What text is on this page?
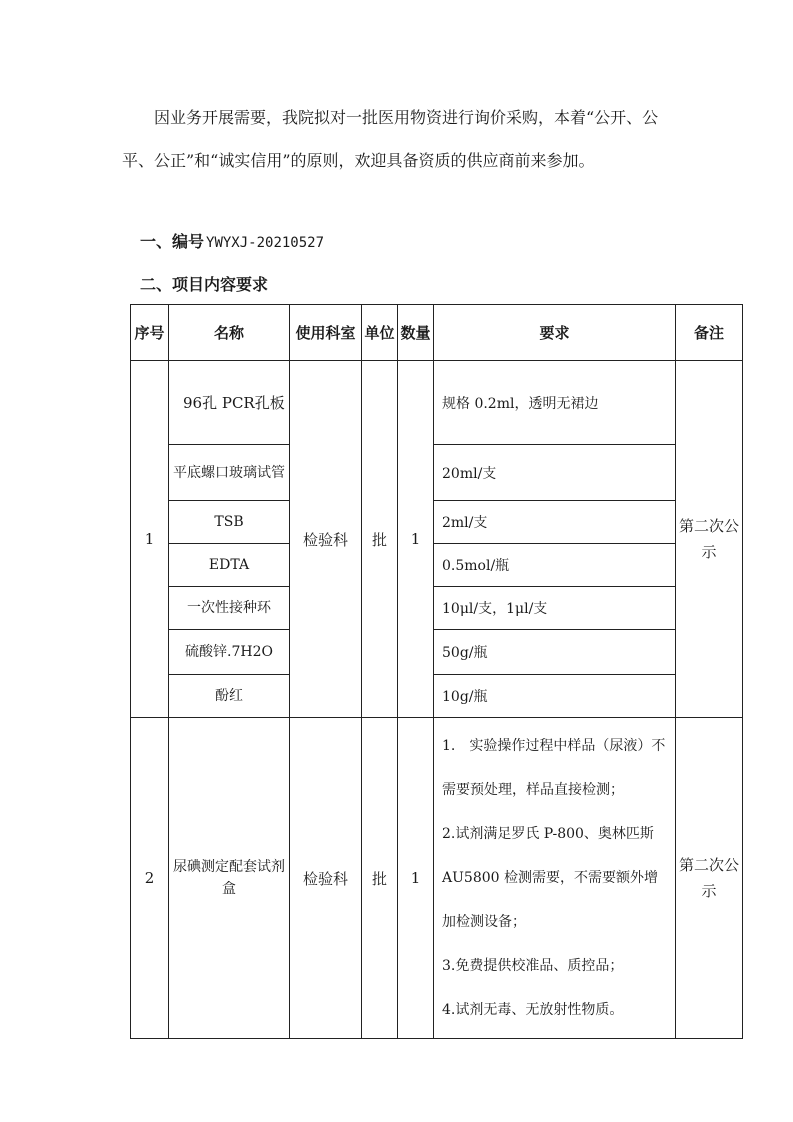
因业务开展需要，我院拟对一批医用物资进行询价采购，本着“公开、公平、公正”和“诚实信用”的原则，欢迎具备资质的供应商前来参加。
一、编号 YWYXJ-20210527
二、项目内容要求
序号	名称	使用科室	单位	数量	要求	备注
1	96孔 PCR孔板	检验科	批	1	规格 0.2ml，透明无裙边	第二次公示
	平底螺口玻璃试管				20ml/支	
	TSB				2ml/支	
	EDTA				0.5mol/瓶	
	一次性接种环				10μl/支，1μl/支	
	硫酸锌.7H2O				50g/瓶	
	酚红				10g/瓶	
2	尿碘测定配套试剂盒	检验科	批	1	1.　实验操作过程中样品（尿液）不需要预处理，样品直接检测；
2.试剂满足罗氏 P-800、奥林匹斯 AU5800 检测需要，不需要额外增加检测设备；
3.免费提供校准品、质控品；
4.试剂无毒、无放射性物质。	第二次公示
